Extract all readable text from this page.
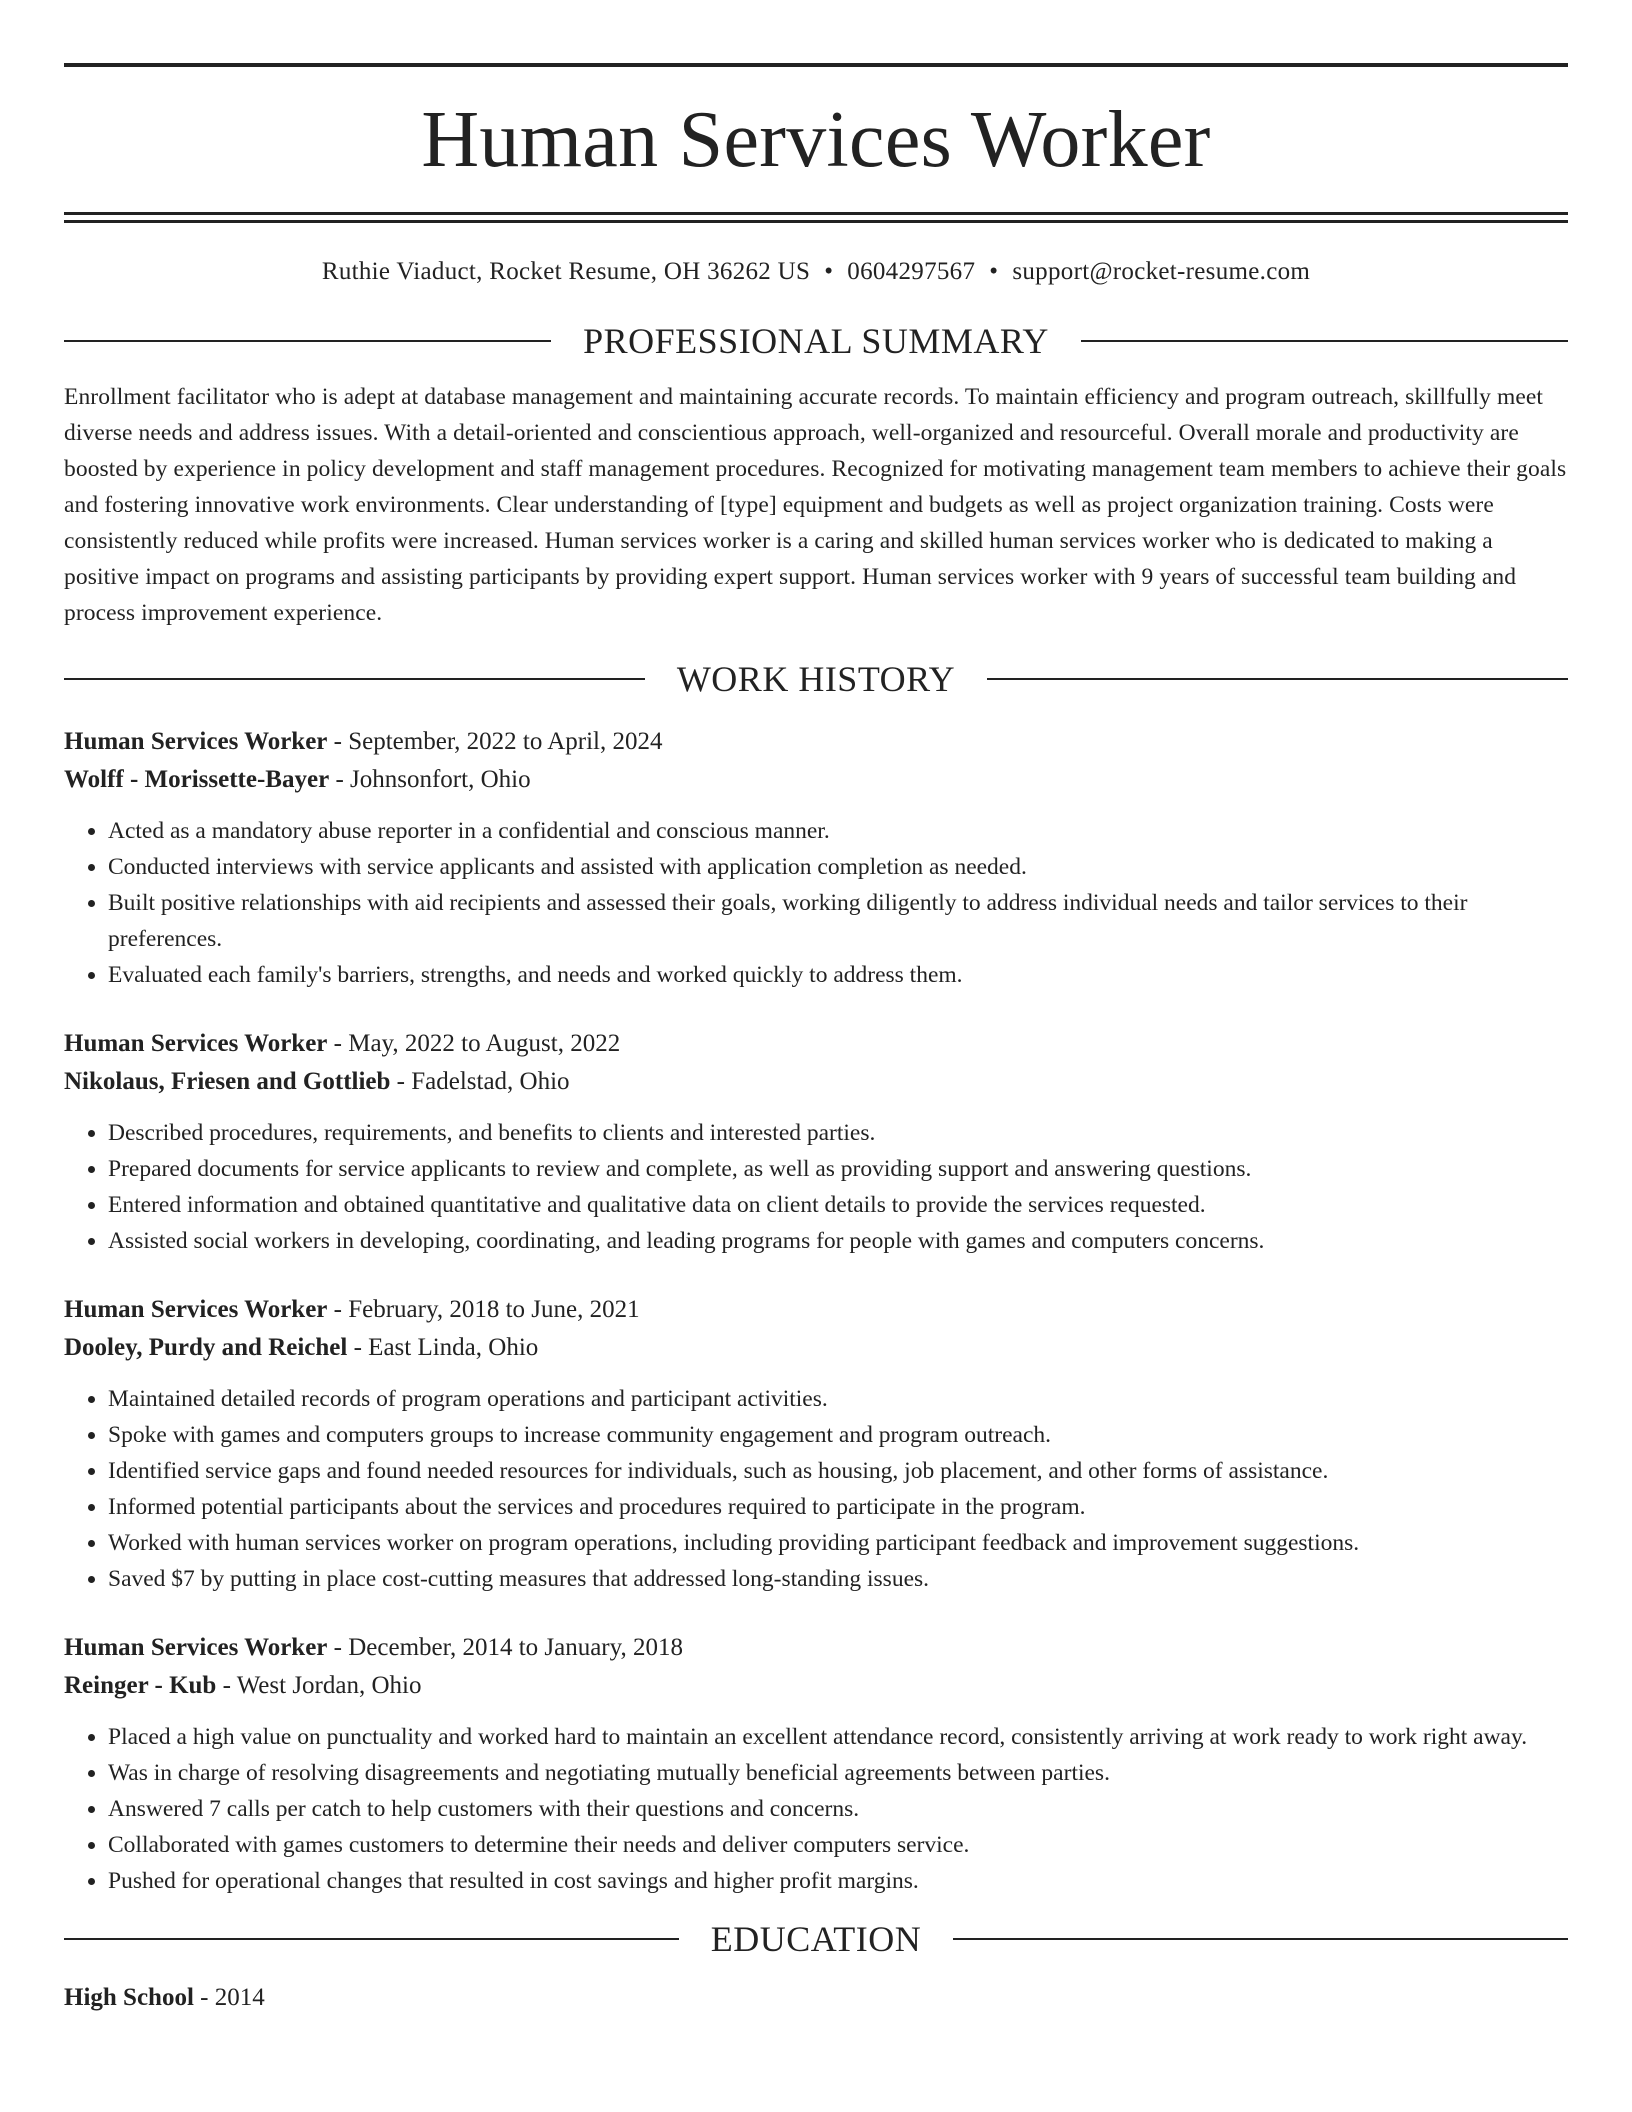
Human Services Worker
Ruthie Viaduct, Rocket Resume, OH 36262 US • 0604297567 • support@rocket-resume.com
PROFESSIONAL SUMMARY

Enrollment facilitator who is adept at database management and maintaining accurate records. To maintain efficiency and program outreach, skillfully meet diverse needs and address issues. With a detail-oriented and conscientious approach, well-organized and resourceful. Overall morale and productivity are boosted by experience in policy development and staff management procedures. Recognized for motivating management team members to achieve their goals and fostering innovative work environments. Clear understanding of [type] equipment and budgets as well as project organization training. Costs were consistently reduced while profits were increased. Human services worker is a caring and skilled human services worker who is dedicated to making a positive impact on programs and assisting participants by providing expert support. Human services worker with 9 years of successful team building and process improvement experience.

WORK HISTORY
Human Services Worker - September, 2022 to April, 2024
Wolff - Morissette-Bayer - Johnsonfort, Ohio
• Acted as a mandatory abuse reporter in a confidential and conscious manner.
• Conducted interviews with service applicants and assisted with application completion as needed.
• Built positive relationships with aid recipients and assessed their goals, working diligently to address individual needs and tailor services to their preferences.
• Evaluated each family's barriers, strengths, and needs and worked quickly to address them.
Human Services Worker - May, 2022 to August, 2022
Nikolaus, Friesen and Gottlieb - Fadelstad, Ohio
• Described procedures, requirements, and benefits to clients and interested parties.
• Prepared documents for service applicants to review and complete, as well as providing support and answering questions.
• Entered information and obtained quantitative and qualitative data on client details to provide the services requested.
• Assisted social workers in developing, coordinating, and leading programs for people with games and computers concerns.
Human Services Worker - February, 2018 to June, 2021
Dooley, Purdy and Reichel - East Linda, Ohio
• Maintained detailed records of program operations and participant activities.
• Spoke with games and computers groups to increase community engagement and program outreach.
• Identified service gaps and found needed resources for individuals, such as housing, job placement, and other forms of assistance.
• Informed potential participants about the services and procedures required to participate in the program.
• Worked with human services worker on program operations, including providing participant feedback and improvement suggestions.
• Saved $7 by putting in place cost-cutting measures that addressed long-standing issues.
Human Services Worker - December, 2014 to January, 2018
Reinger - Kub - West Jordan, Ohio
• Placed a high value on punctuality and worked hard to maintain an excellent attendance record, consistently arriving at work ready to work right away.
• Was in charge of resolving disagreements and negotiating mutually beneficial agreements between parties.
• Answered 7 calls per catch to help customers with their questions and concerns.
• Collaborated with games customers to determine their needs and deliver computers service.
• Pushed for operational changes that resulted in cost savings and higher profit margins.
EDUCATION
High School - 2014
